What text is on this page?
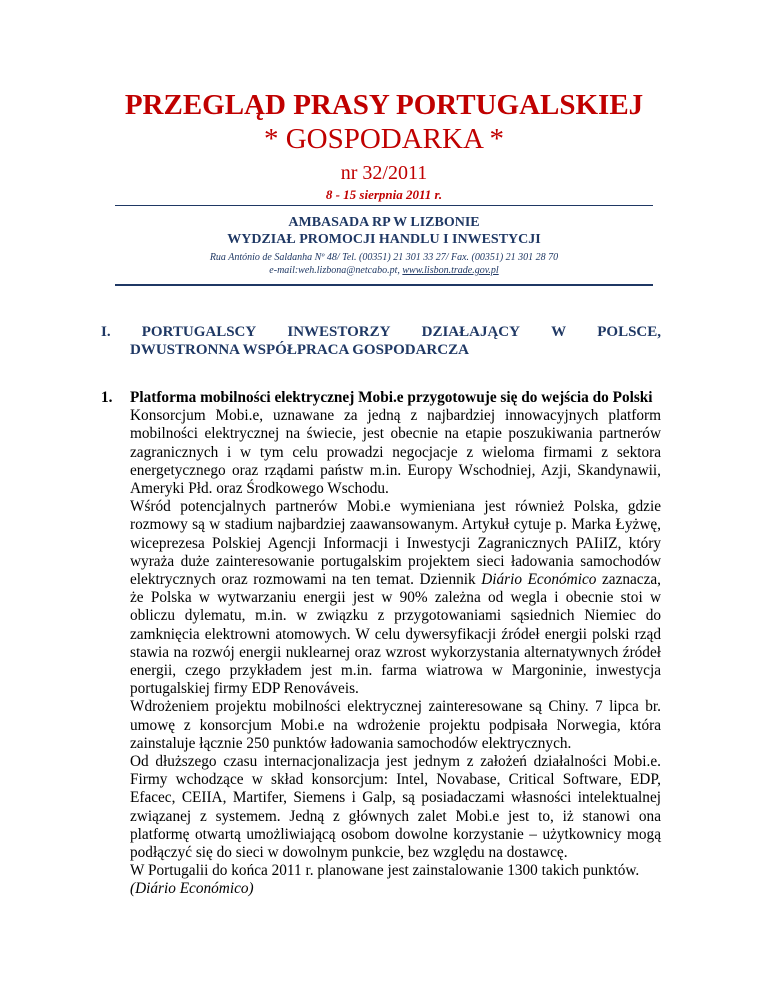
PRZEGLĄD PRASY PORTUGALSKIEJ
* GOSPODARKA *
nr 32/2011
8 - 15 sierpnia 2011 r.
AMBASADA RP W LIZBONIE
WYDZIAŁ PROMOCJI HANDLU I INWESTYCJI
Rua António de Saldanha Nº 48/ Tel. (00351) 21 301 33 27/ Fax. (00351) 21 301 28 70
e-mail:weh.lizbona@netcabo.pt, www.lisbon.trade.gov.pl
I. PORTUGALSCY INWESTORZY DZIAŁAJĄCY W POLSCE,
DWUSTRONNA WSPÓŁPRACA GOSPODARCZA
1. Platforma mobilności elektrycznej Mobi.e przygotowuje się do wejścia do Polski

Konsorcjum Mobi.e, uznawane za jedną z najbardziej innowacyjnych platform mobilności elektrycznej na świecie, jest obecnie na etapie poszukiwania partnerów zagranicznych i w tym celu prowadzi negocjacje z wieloma firmami z sektora energetycznego oraz rządami państw m.in. Europy Wschodniej, Azji, Skandynawii, Ameryki Płd. oraz Środkowego Wschodu.

Wśród potencjalnych partnerów Mobi.e wymieniana jest również Polska, gdzie rozmowy są w stadium najbardziej zaawansowanym. Artykuł cytuje p. Marka Łyżwę, wiceprezesa Polskiej Agencji Informacji i Inwestycji Zagranicznych PAIiIZ, który wyraża duże zainteresowanie portugalskim projektem sieci ładowania samochodów elektrycznych oraz rozmowami na ten temat. Dziennik Diário Económico zaznacza, że Polska w wytwarzaniu energii jest w 90% zależna od wegla i obecnie stoi w obliczu dylematu, m.in. w związku z przygotowaniami sąsiednich Niemiec do zamknięcia elektrowni atomowych. W celu dywersyfikacji źródeł energii polski rząd stawia na rozwój energii nuklearnej oraz wzrost wykorzystania alternatywnych źródeł energii, czego przykładem jest m.in. farma wiatrowa w Margoninie, inwestycja portugalskiej firmy EDP Renováveis.

Wdrożeniem projektu mobilności elektrycznej zainteresowane są Chiny. 7 lipca br. umowę z konsorcjum Mobi.e na wdrożenie projektu podpisała Norwegia, która zainstaluje łącznie 250 punktów ładowania samochodów elektrycznych.

Od dłuższego czasu internacjonalizacja jest jednym z założeń działalności Mobi.e. Firmy wchodzące w skład konsorcjum: Intel, Novabase, Critical Software, EDP, Efacec, CEIIA, Martifer, Siemens i Galp, są posiadaczami własności intelektualnej związanej z systemem. Jedną z głównych zalet Mobi.e jest to, iż stanowi ona platformę otwartą umożliwiającą osobom dowolne korzystanie – użytkownicy mogą podłączyć się do sieci w dowolnym punkcie, bez względu na dostawcę.

W Portugalii do końca 2011 r. planowane jest zainstalowanie 1300 takich punktów.

(Diário Económico)
